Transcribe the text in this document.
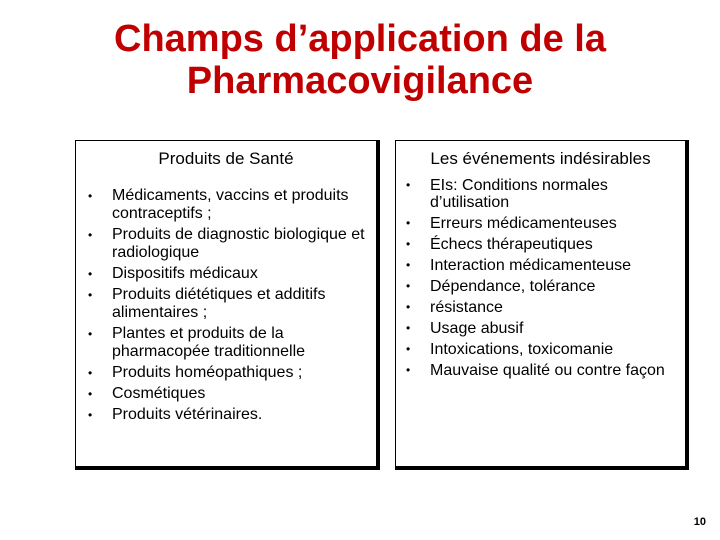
Champs d’application de la
Pharmacovigilance
Produits de Santé
• Médicaments, vaccins et produits contraceptifs ;
• Produits de diagnostic biologique et radiologique
• Dispositifs médicaux
• Produits diététiques et additifs alimentaires ;
• Plantes et produits de la pharmacopée traditionnelle
• Produits homéopathiques ;
• Cosmétiques
• Produits vétérinaires.
Les événements indésirables
• EIs: Conditions normales d’utilisation
• Erreurs médicamenteuses
• Échecs thérapeutiques
• Interaction médicamenteuse
• Dépendance, tolérance
• résistance
• Usage abusif
• Intoxications, toxicomanie
• Mauvaise qualité ou contre façon
10
